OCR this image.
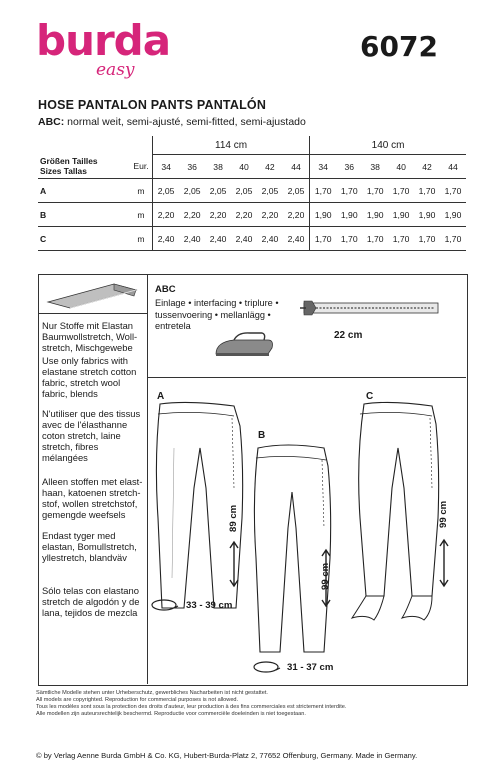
burda
easy
6072
HOSE PANTALON PANTS PANTALÓN
ABC: normal weit, semi-ajusté, semi-fitted, semi-ajustado
		114 cm						140 cm					
Größen Tailles
Sizes Tallas	Eur.	34	36	38	40	42	44	34	36	38	40	42	44
A	m	2,05	2,05	2,05	2,05	2,05	2,05	1,70	1,70	1,70	1,70	1,70	1,70
B	m	2,20	2,20	2,20	2,20	2,20	2,20	1,90	1,90	1,90	1,90	1,90	1,90
C	m	2,40	2,40	2,40	2,40	2,40	2,40	1,70	1,70	1,70	1,70	1,70	1,70
Nur Stoffe mit Elastan Baumwollstretch, Woll-stretch, Mischgewebe
Use only fabrics with elastane stretch cotton fabric, stretch wool fabric, blends
N'utiliser que des tissus avec de l'élasthanne coton stretch, laine stretch, fibres mélangées
Alleen stoffen met elast-haan, katoenen stretch-stof, wollen stretchstof, gemengde weefsels
Endast tyger med elastan, Bomullstretch, yllestretch, blandväv
Sólo telas con elastano stretch de algodón y de lana, tejidos de mezcla
ABC
Einlage • interfacing • triplure •
tussenvoering • mellanlägg •
entretela
22 cm
A
89 cm
33 - 39 cm
B
99 cm
31 - 37 cm
C
99 cm
Sämtliche Modelle stehen unter Urheberschutz, gewerbliches Nacharbeiten ist nicht gestattet.
All models are copyrighted. Reproduction for commercial purposes is not allowed.
Tous les modèles sont sous la protection des droits d'auteur, leur production à des fins commerciales est strictement interdite.
Alle modellen zijn auteursrechtelijk beschermd. Reproductie voor commerciële doeleinden is niet toegestaan.
© by Verlag Aenne Burda GmbH & Co. KG, Hubert-Burda-Platz 2, 77652 Offenburg, Germany. Made in Germany.
